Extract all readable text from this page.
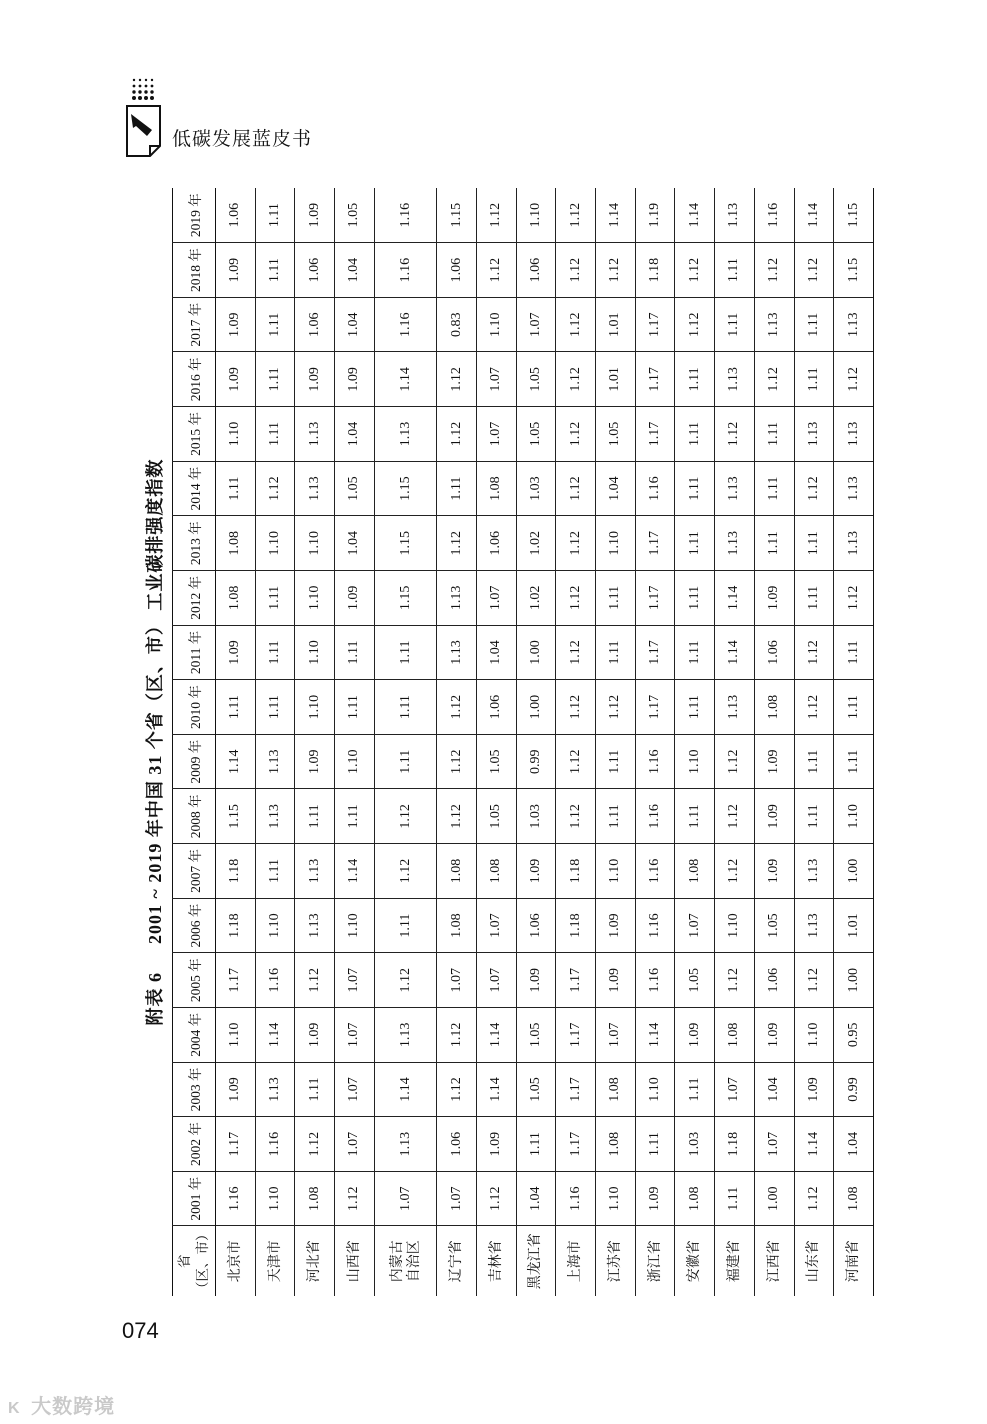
低碳发展蓝皮书
附表 6
2001 ~ 2019 年中国 31 个省（区、市） 工业碳排强度指数
省 （区、市）	2001 年	2002 年	2003 年	2004 年	2005 年	2006 年	2007 年	2008 年	2009 年	2010 年	2011 年	2012 年	2013 年	2014 年	2015 年	2016 年	2017 年	2018 年	2019 年
北京市	1.16	1.17	1.09	1.10	1.17	1.18	1.18	1.15	1.14	1.11	1.09	1.08	1.08	1.11	1.10	1.09	1.09	1.09	1.06
天津市	1.10	1.16	1.13	1.14	1.16	1.10	1.11	1.13	1.13	1.11	1.11	1.11	1.10	1.12	1.11	1.11	1.11	1.11	1.11
河北省	1.08	1.12	1.11	1.09	1.12	1.13	1.13	1.11	1.09	1.10	1.10	1.10	1.10	1.13	1.13	1.09	1.06	1.06	1.09
山西省	1.12	1.07	1.07	1.07	1.07	1.10	1.14	1.11	1.10	1.11	1.11	1.09	1.04	1.05	1.04	1.09	1.04	1.04	1.05
内蒙古
自治区	1.07	1.13	1.14	1.13	1.12	1.11	1.12	1.12	1.11	1.11	1.11	1.15	1.15	1.15	1.13	1.14	1.16	1.16	1.16
辽宁省	1.07	1.06	1.12	1.12	1.07	1.08	1.08	1.12	1.12	1.12	1.13	1.13	1.12	1.11	1.12	1.12	0.83	1.06	1.15
吉林省	1.12	1.09	1.14	1.14	1.07	1.07	1.08	1.05	1.05	1.06	1.04	1.07	1.06	1.08	1.07	1.07	1.10	1.12	1.12
黑龙江省	1.04	1.11	1.05	1.05	1.09	1.06	1.09	1.03	0.99	1.00	1.00	1.02	1.02	1.03	1.05	1.05	1.07	1.06	1.10
上海市	1.16	1.17	1.17	1.17	1.17	1.18	1.18	1.12	1.12	1.12	1.12	1.12	1.12	1.12	1.12	1.12	1.12	1.12	1.12
江苏省	1.10	1.08	1.08	1.07	1.09	1.09	1.10	1.11	1.11	1.12	1.11	1.11	1.10	1.04	1.05	1.01	1.01	1.12	1.14
浙江省	1.09	1.11	1.10	1.14	1.16	1.16	1.16	1.16	1.16	1.17	1.17	1.17	1.17	1.16	1.17	1.17	1.17	1.18	1.19
安徽省	1.08	1.03	1.11	1.09	1.05	1.07	1.08	1.11	1.10	1.11	1.11	1.11	1.11	1.11	1.11	1.11	1.12	1.12	1.14
福建省	1.11	1.18	1.07	1.08	1.12	1.10	1.12	1.12	1.12	1.13	1.14	1.14	1.13	1.13	1.12	1.13	1.11	1.11	1.13
江西省	1.00	1.07	1.04	1.09	1.06	1.05	1.09	1.09	1.09	1.08	1.06	1.09	1.11	1.11	1.11	1.12	1.13	1.12	1.16
山东省	1.12	1.14	1.09	1.10	1.12	1.13	1.13	1.11	1.11	1.12	1.12	1.11	1.11	1.12	1.13	1.11	1.11	1.12	1.14
河南省	1.08	1.04	0.99	0.95	1.00	1.01	1.00	1.10	1.11	1.11	1.11	1.12	1.13	1.13	1.13	1.12	1.13	1.15	1.15
074
K 大数跨境
